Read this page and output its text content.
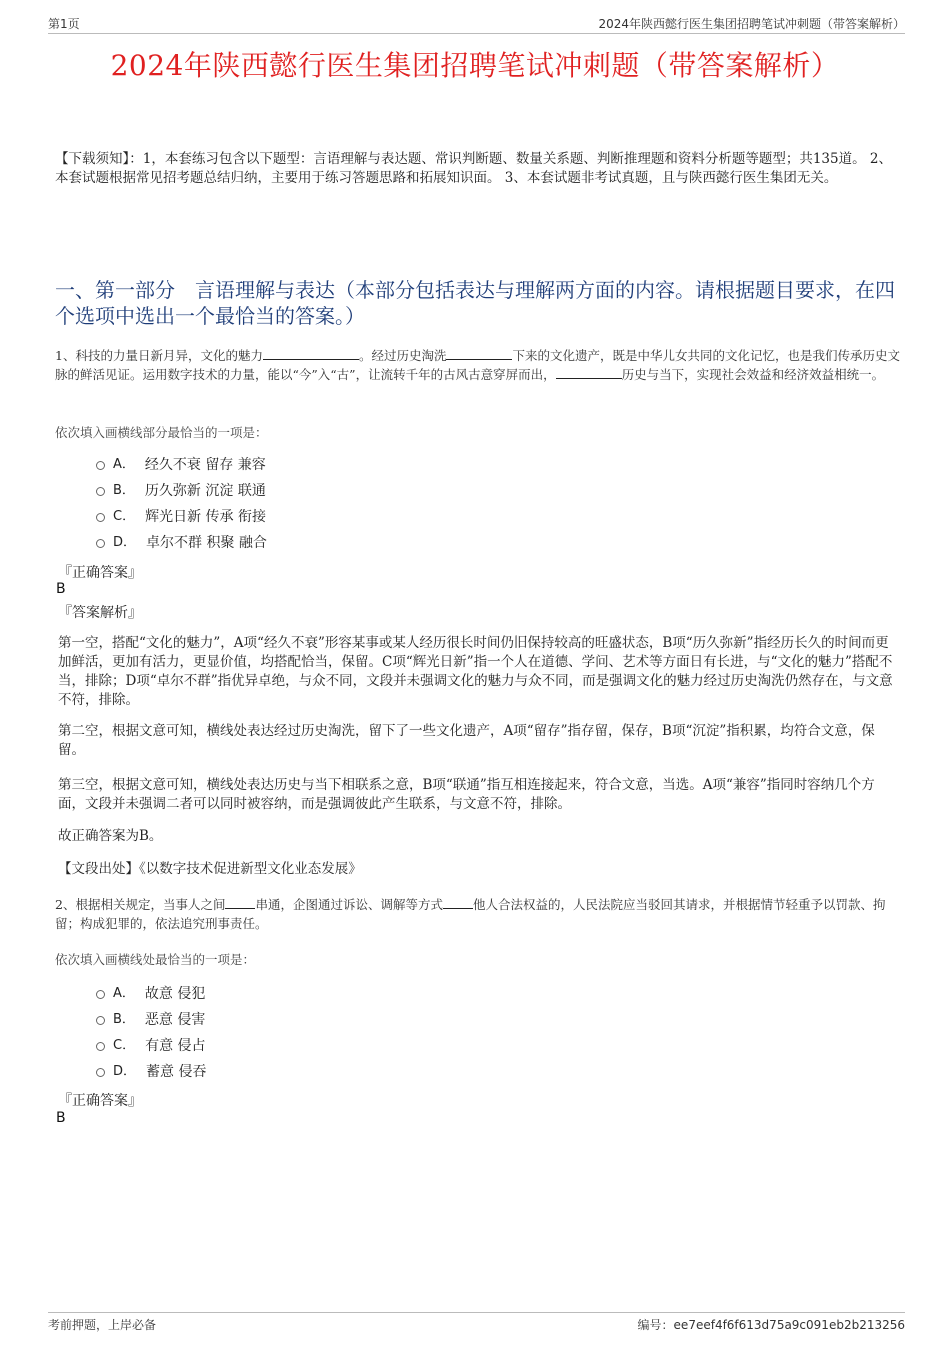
第1页	2024年陕西懿行医生集团招聘笔试冲刺题（带答案解析）
2024年陕西懿行医生集团招聘笔试冲刺题（带答案解析）
【下载须知】：1，本套练习包含以下题型：言语理解与表达题、常识判断题、数量关系题、判断推理题和资料分析题等题型；共135道。 2、本套试题根据常见招考题总结归纳，主要用于练习答题思路和拓展知识面。 3、本套试题非考试真题，且与陕西懿行医生集团无关。
一、第一部分　言语理解与表达（本部分包括表达与理解两方面的内容。请根据题目要求，在四个选项中选出一个最恰当的答案。）
1、科技的力量日新月异，文化的魅力	。经过历史淘洗	下来的文化遗产，既是中华儿女共同的文化记忆，也是我们传承历史文脉的鲜活见证。运用数字技术的力量，能以“今”入“古”，让流转千年的古风古意穿屏而出，	历史与当下，实现社会效益和经济效益相统一。
依次填入画横线部分最恰当的一项是：
A． 经久不衰 留存 兼容
B． 历久弥新 沉淀 联通
C． 辉光日新 传承 衔接
D． 卓尔不群 积聚 融合
『正确答案』
B
『答案解析』
第一空，搭配“文化的魅力”，A项“经久不衰”形容某事或某人经历很长时间仍旧保持较高的旺盛状态，B项“历久弥新”指经历长久的时间而更加鲜活，更加有活力，更显价值，均搭配恰当，保留。C项“辉光日新”指一个人在道德、学问、艺术等方面日有长进，与“文化的魅力”搭配不当，排除；D项“卓尔不群”指优异卓绝，与众不同，文段并未强调文化的魅力与众不同，而是强调文化的魅力经过历史淘洗仍然存在，与文意不符，排除。
第二空，根据文意可知，横线处表达经过历史淘洗，留下了一些文化遗产，A项“留存”指存留，保存，B项“沉淀”指积累，均符合文意，保留。
第三空，根据文意可知，横线处表达历史与当下相联系之意，B项“联通”指互相连接起来，符合文意，当选。A项“兼容”指同时容纳几个方面，文段并未强调二者可以同时被容纳，而是强调彼此产生联系，与文意不符，排除。
故正确答案为B。
【文段出处】《以数字技术促进新型文化业态发展》
2、根据相关规定，当事人之间 串通，企图通过诉讼、调解等方式 他人合法权益的，人民法院应当驳回其请求，并根据情节轻重予以罚款、拘留；构成犯罪的，依法追究刑事责任。
依次填入画横线处最恰当的一项是：
A． 故意 侵犯
B． 恶意 侵害
C． 有意 侵占
D． 蓄意 侵吞
『正确答案』
B
考前押题，上岸必备	编号：ee7eef4f6f613d75a9c091eb2b213256
